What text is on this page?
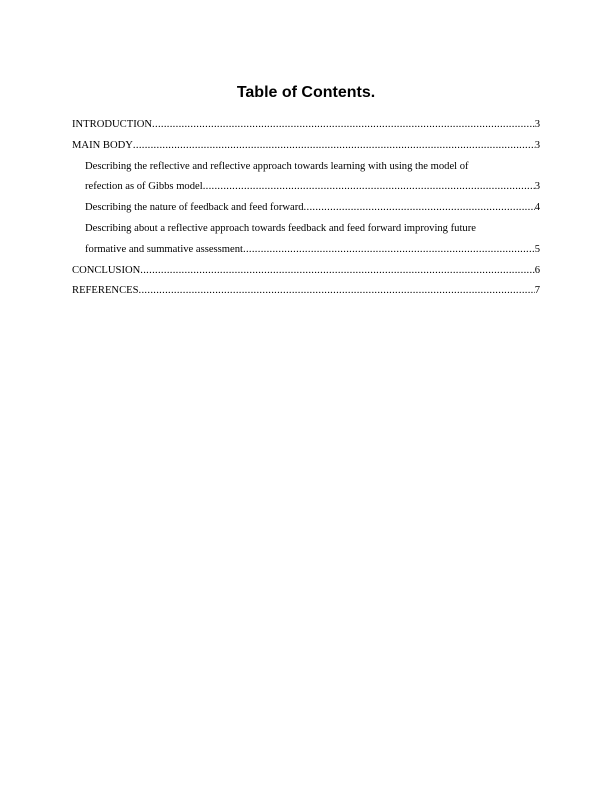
Table of Contents.
INTRODUCTION .....	3
MAIN BODY .....	3
Describing the reflective and reflective approach towards learning with using the model of
refection as of Gibbs model .....	3
Describing the nature of feedback and feed forward .....	4
Describing about a reflective approach towards feedback and feed forward improving future
formative and summative assessment .....	5
CONCLUSION .....	6
REFERENCES .....	7
